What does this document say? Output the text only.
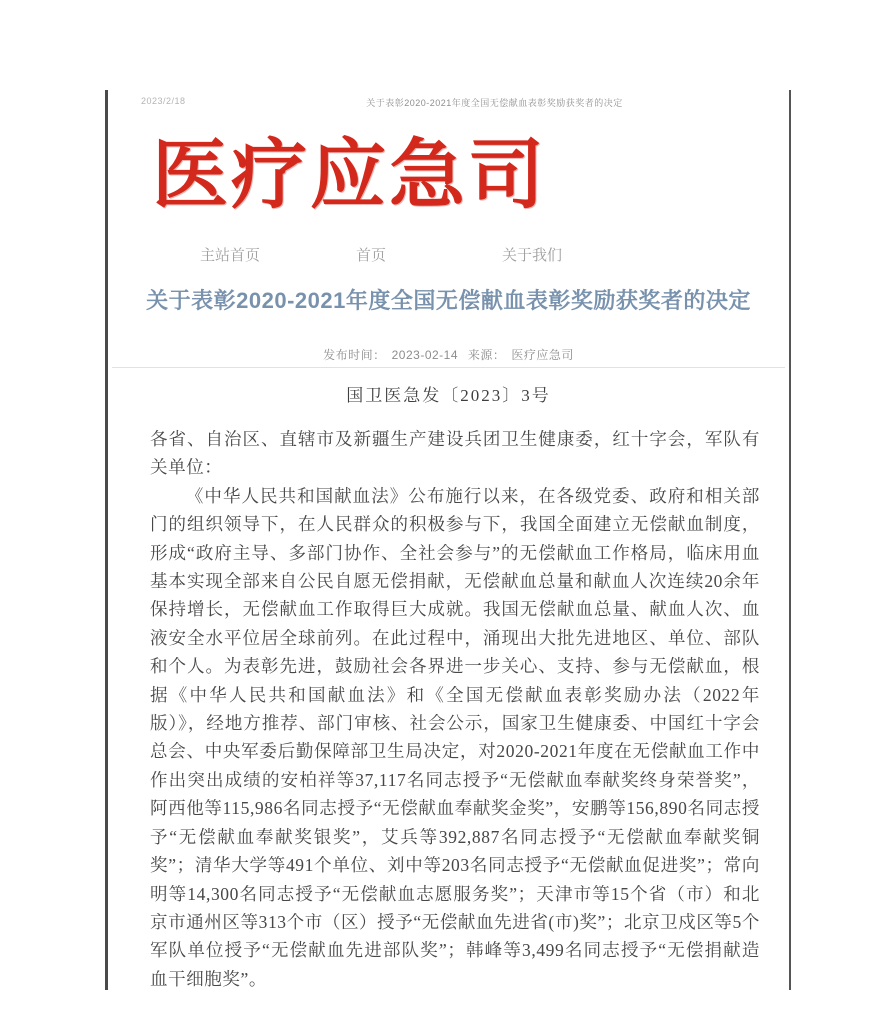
2023/2/18	关于表彰2020-2021年度全国无偿献血表彰奖励获奖者的决定
医疗应急司
主站首页	首页	关于我们
关于表彰2020-2021年度全国无偿献血表彰奖励获奖者的决定
发布时间： 2023-02-14 来源： 医疗应急司
国卫医急发〔2023〕3号

各省、自治区、直辖市及新疆生产建设兵团卫生健康委，红十字会，军队有关单位：

《中华人民共和国献血法》公布施行以来，在各级党委、政府和相关部门的组织领导下，在人民群众的积极参与下，我国全面建立无偿献血制度，形成“政府主导、多部门协作、全社会参与”的无偿献血工作格局，临床用血基本实现全部来自公民自愿无偿捐献，无偿献血总量和献血人次连续20余年保持增长，无偿献血工作取得巨大成就。我国无偿献血总量、献血人次、血液安全水平位居全球前列。在此过程中，涌现出大批先进地区、单位、部队和个人。为表彰先进，鼓励社会各界进一步关心、支持、参与无偿献血，根据《中华人民共和国献血法》和《全国无偿献血表彰奖励办法（2022年版）》，经地方推荐、部门审核、社会公示，国家卫生健康委、中国红十字会总会、中央军委后勤保障部卫生局决定，对2020-2021年度在无偿献血工作中作出突出成绩的安柏祥等37,117名同志授予“无偿献血奉献奖终身荣誉奖”，阿西他等115,986名同志授予“无偿献血奉献奖金奖”，安鹏等156,890名同志授予“无偿献血奉献奖银奖”，艾兵等392,887名同志授予“无偿献血奉献奖铜奖”；清华大学等491个单位、刘中等203名同志授予“无偿献血促进奖”；常向明等14,300名同志授予“无偿献血志愿服务奖”；天津市等15个省（市）和北京市通州区等313个市（区）授予“无偿献血先进省(市)奖”；北京卫戍区等5个军队单位授予“无偿献血先进部队奖”；韩峰等3,499名同志授予“无偿捐献造血干细胞奖”。
